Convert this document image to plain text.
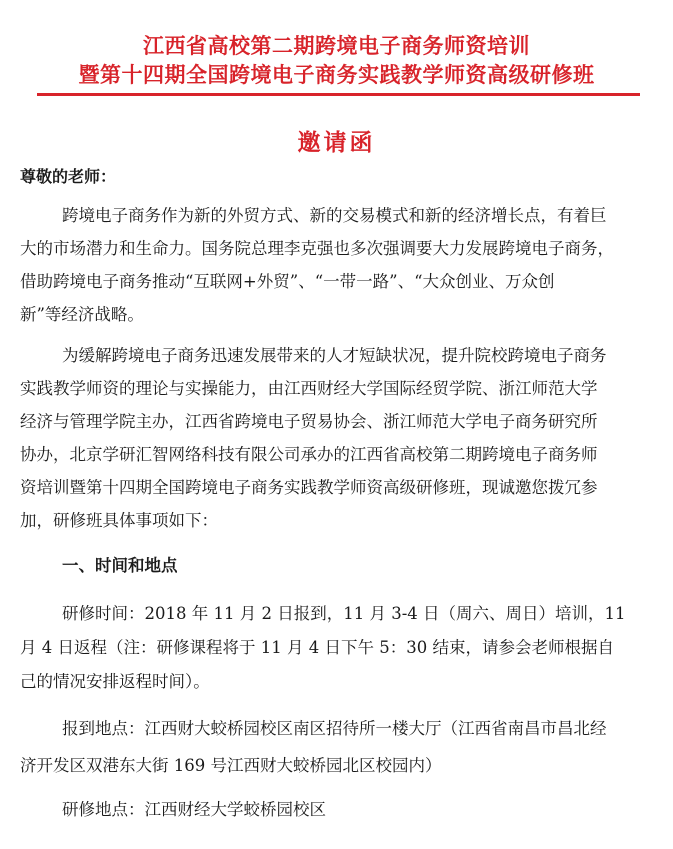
江西省高校第二期跨境电子商务师资培训
暨第十四期全国跨境电子商务实践教学师资高级研修班
邀请函
尊敬的老师：
跨境电子商务作为新的外贸方式、新的交易模式和新的经济增长点，有着巨
大的市场潜力和生命力。国务院总理李克强也多次强调要大力发展跨境电子商务，
借助跨境电子商务推动“互联网+外贸”、“一带一路”、“大众创业、万众创
新”等经济战略。
为缓解跨境电子商务迅速发展带来的人才短缺状况，提升院校跨境电子商务
实践教学师资的理论与实操能力，由江西财经大学国际经贸学院、浙江师范大学
经济与管理学院主办，江西省跨境电子贸易协会、浙江师范大学电子商务研究所
协办，北京学研汇智网络科技有限公司承办的江西省高校第二期跨境电子商务师
资培训暨第十四期全国跨境电子商务实践教学师资高级研修班，现诚邀您拨冗参
加，研修班具体事项如下：
一、时间和地点
研修时间：2018 年 11 月 2 日报到，11 月 3-4 日（周六、周日）培训，11
月 4 日返程（注：研修课程将于 11 月 4 日下午 5：30 结束，请参会老师根据自
己的情况安排返程时间）。
报到地点：江西财大蛟桥园校区南区招待所一楼大厅（江西省南昌市昌北经
济开发区双港东大街 169 号江西财大蛟桥园北区校园内）
研修地点：江西财经大学蛟桥园校区
